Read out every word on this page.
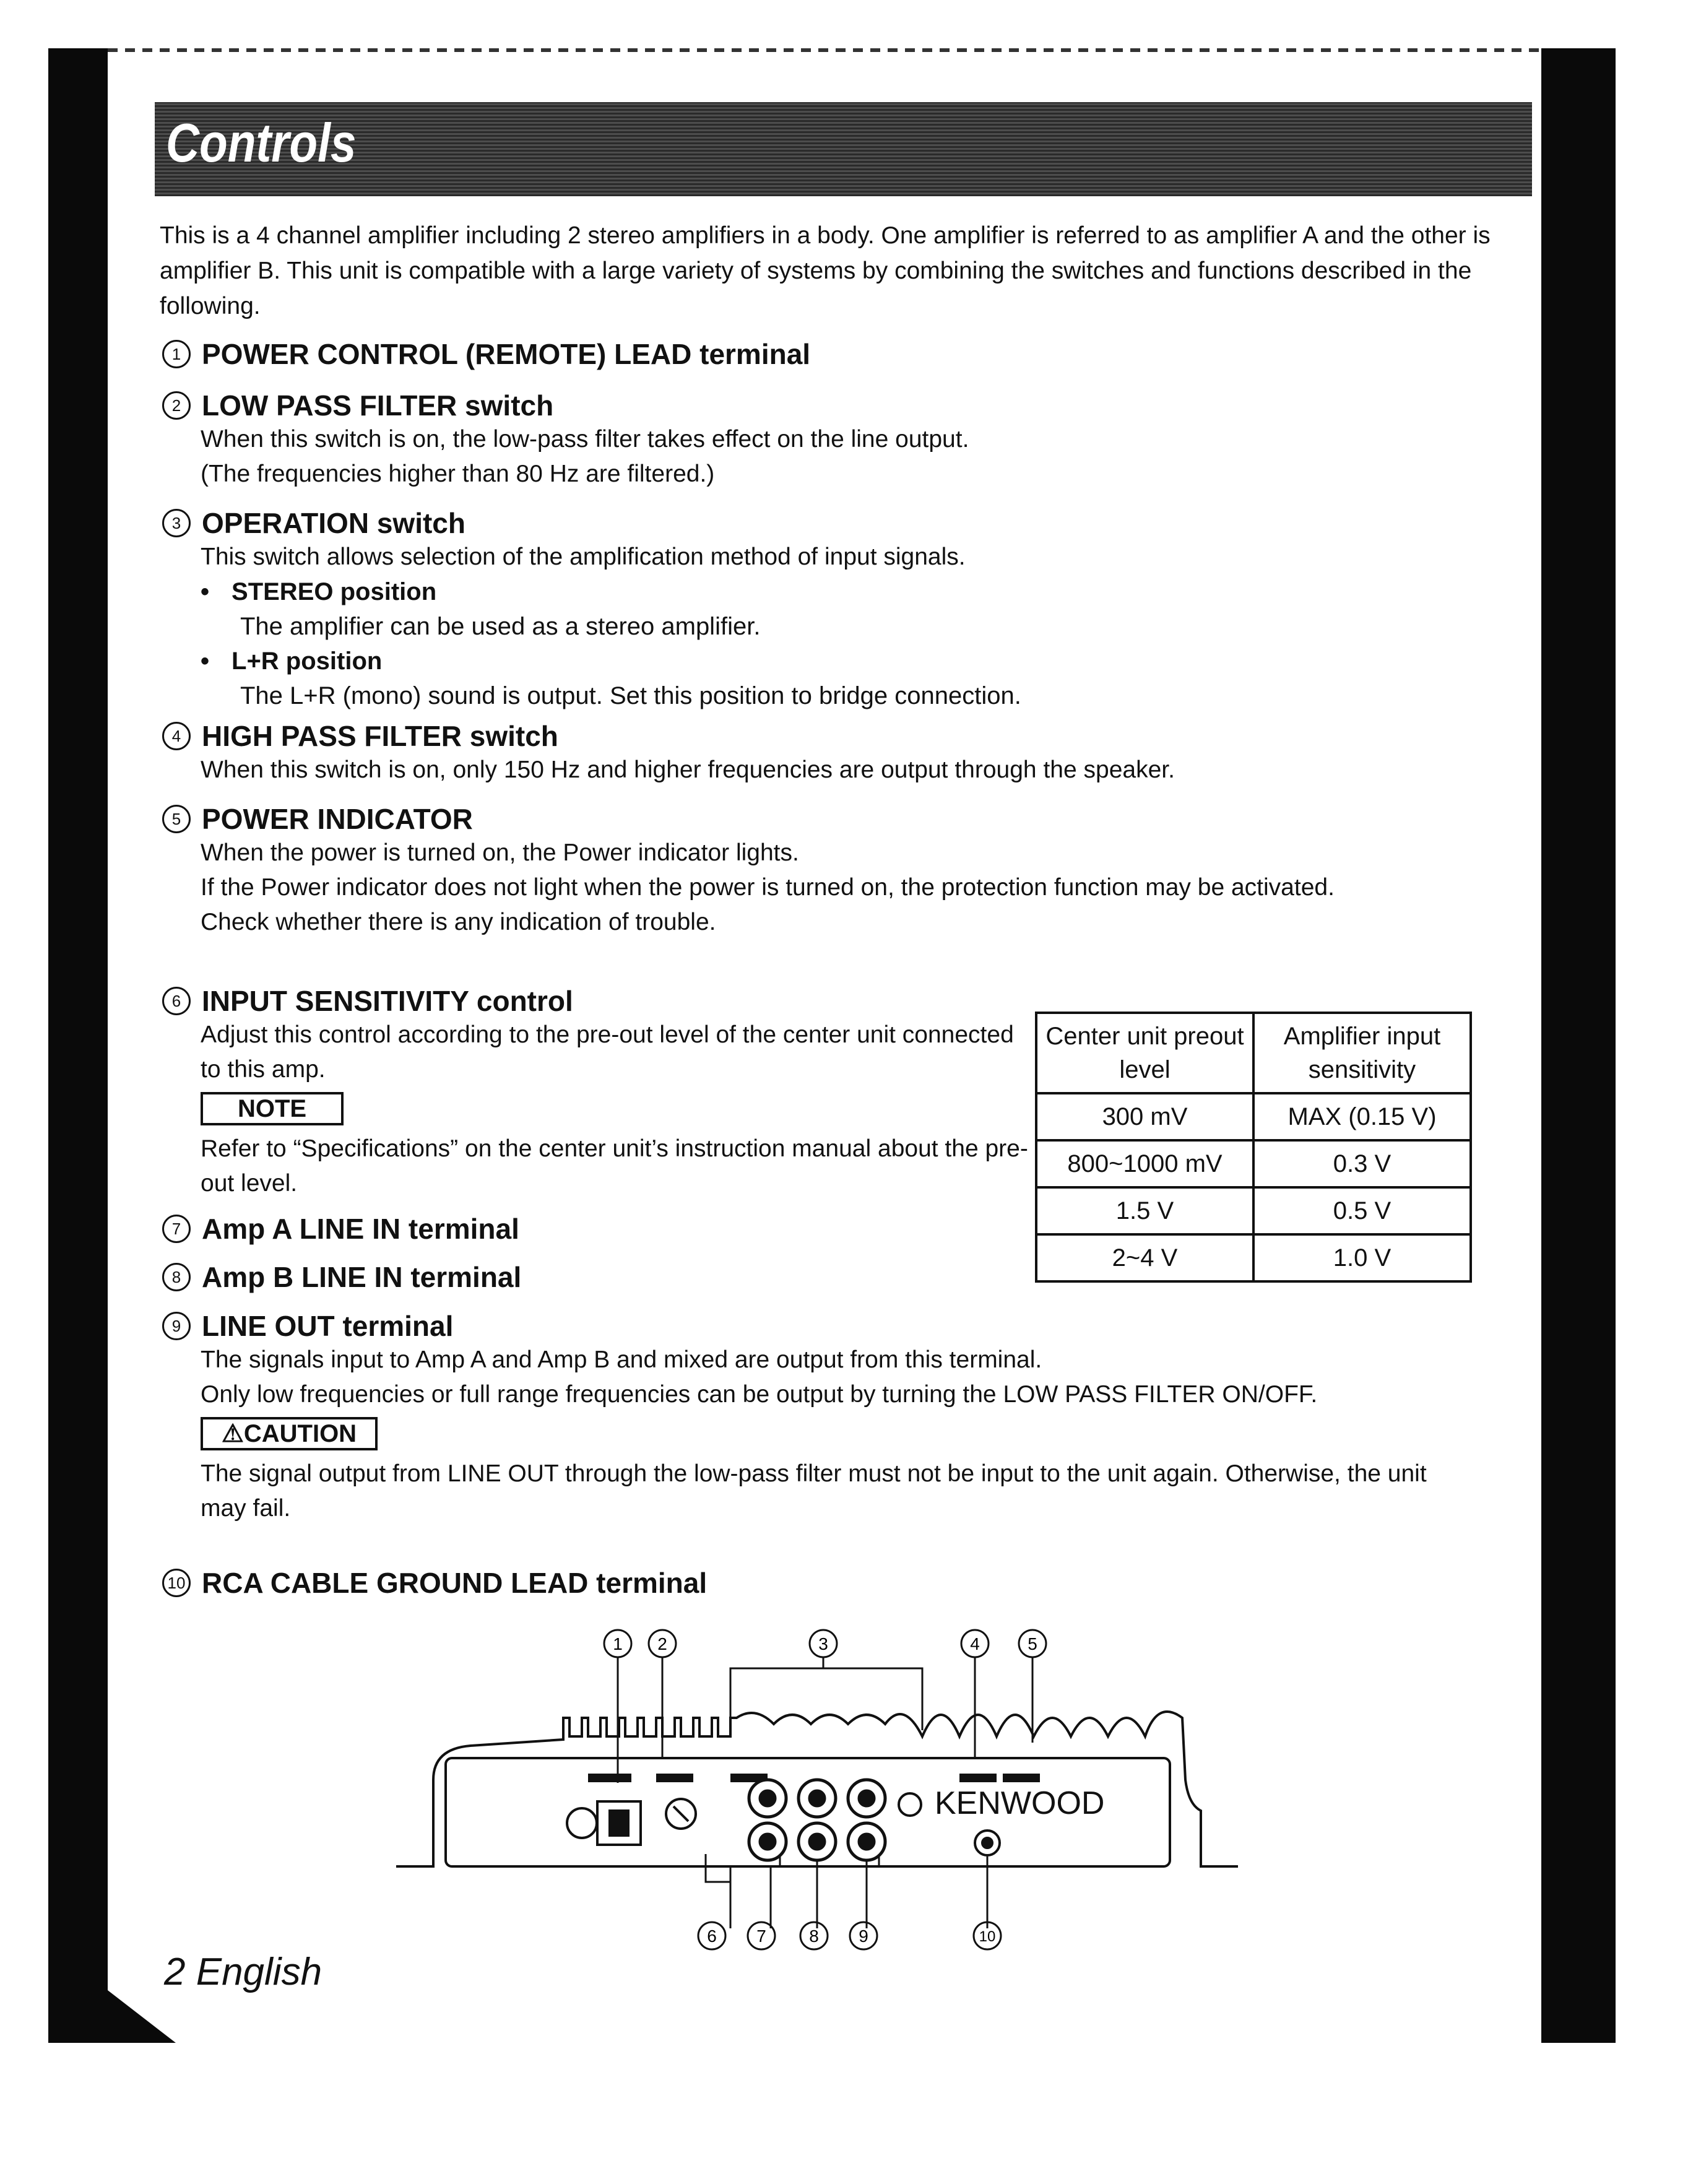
Controls
This is a 4 channel amplifier including 2 stereo amplifiers in a body. One amplifier is referred to as amplifier A and the other is amplifier B. This unit is compatible with a large variety of systems by combining the switches and functions described in the following.
1 POWER CONTROL (REMOTE) LEAD terminal
2 LOW PASS FILTER switch
When this switch is on, the low-pass filter takes effect on the line output.
(The frequencies higher than 80 Hz are filtered.)
3 OPERATION switch
This switch allows selection of the amplification method of input signals.
• STEREO position
The amplifier can be used as a stereo amplifier.
• L+R position
The L+R (mono) sound is output. Set this position to bridge connection.
4 HIGH PASS FILTER switch
When this switch is on, only 150 Hz and higher frequencies are output through the speaker.
5 POWER INDICATOR
When the power is turned on, the Power indicator lights.
If the Power indicator does not light when the power is turned on, the protection function may be activated.
Check whether there is any indication of trouble.
6 INPUT SENSITIVITY control
Adjust this control according to the pre-out level of the center unit connected to this amp.
NOTE
Refer to “Specifications” on the center unit’s instruction manual about the pre-out level.
7 Amp A LINE IN terminal
8 Amp B LINE IN terminal
9 LINE OUT terminal
The signals input to Amp A and Amp B and mixed are output from this terminal.
Only low frequencies or full range frequencies can be output by turning the LOW PASS FILTER ON/OFF.
⚠CAUTION
The signal output from LINE OUT through the low-pass filter must not be input to the unit again. Otherwise, the unit may fail.
10 RCA CABLE GROUND LEAD terminal
Center unit preout level	Amplifier input sensitivity
300 mV	MAX (0.15 V)
800~1000 mV	0.3 V
1.5 V	0.5 V
2~4 V	1.0 V
1 2	3	4	5
KENWOOD
6 7 8 9	10
2 English
